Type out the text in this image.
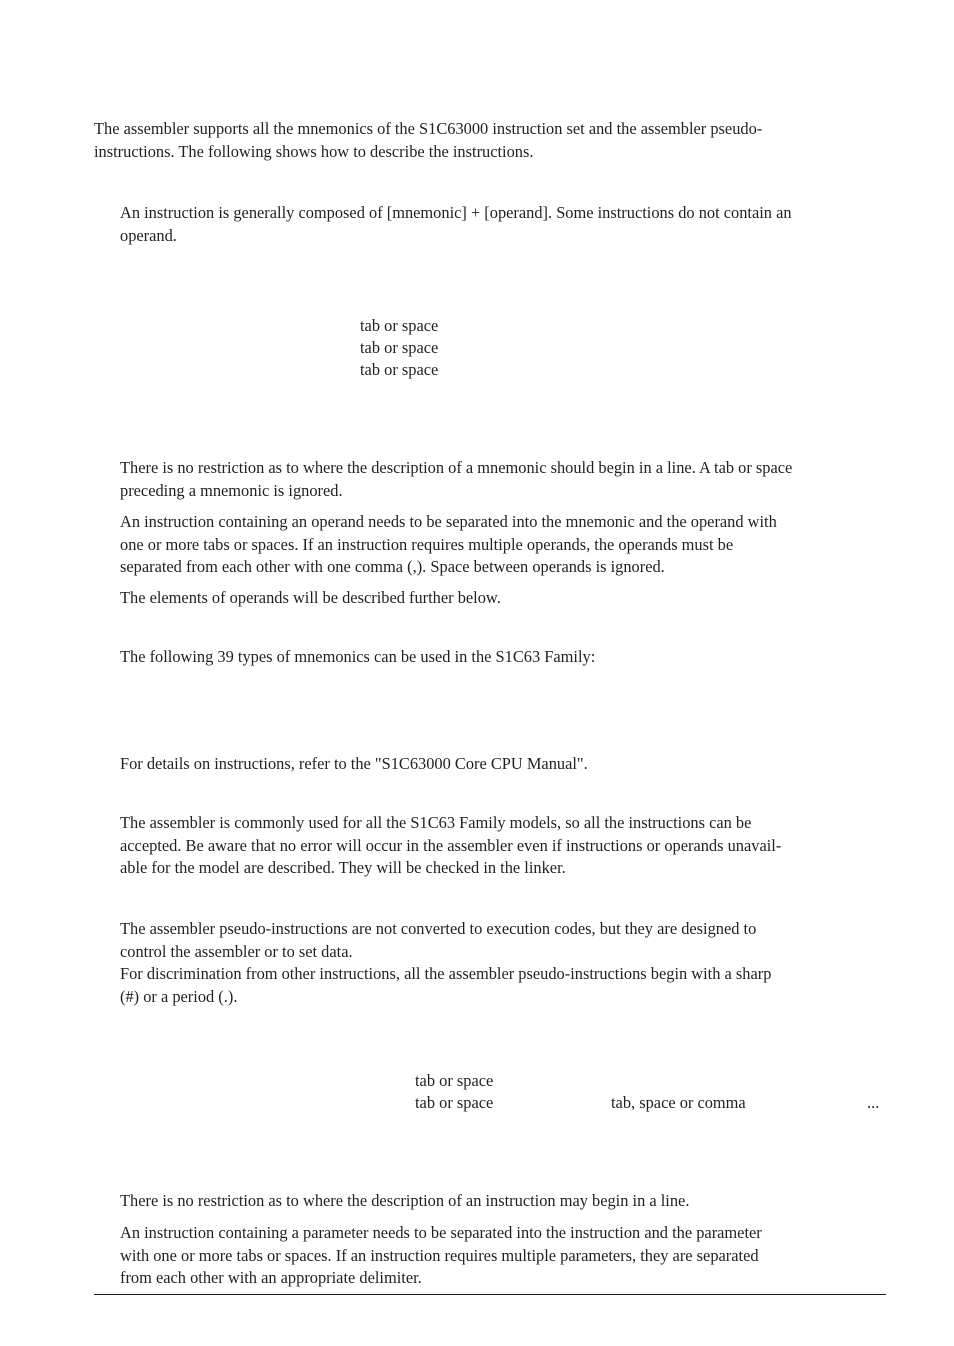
The assembler supports all the mnemonics of the S1C63000 instruction set and the assembler pseudo-
instructions. The following shows how to describe the instructions.
An instruction is generally composed of [mnemonic] + [operand]. Some instructions do not contain an
operand.
tab or space
tab or space
tab or space
There is no restriction as to where the description of a mnemonic should begin in a line. A tab or space
preceding a mnemonic is ignored.
An instruction containing an operand needs to be separated into the mnemonic and the operand with
one or more tabs or spaces. If an instruction requires multiple operands, the operands must be
separated from each other with one comma (,). Space between operands is ignored.
The elements of operands will be described further below.
The following 39 types of mnemonics can be used in the S1C63 Family:
For details on instructions, refer to the "S1C63000 Core CPU Manual".
The assembler is commonly used for all the S1C63 Family models, so all the instructions can be
accepted. Be aware that no error will occur in the assembler even if instructions or operands unavail-
able for the model are described. They will be checked in the linker.
The assembler pseudo-instructions are not converted to execution codes, but they are designed to
control the assembler or to set data.
For discrimination from other instructions, all the assembler pseudo-instructions begin with a sharp
(#) or a period (.).
tab or space
tab or space	tab, space or comma	...
There is no restriction as to where the description of an instruction may begin in a line.
An instruction containing a parameter needs to be separated into the instruction and the parameter
with one or more tabs or spaces. If an instruction requires multiple parameters, they are separated
from each other with an appropriate delimiter.
